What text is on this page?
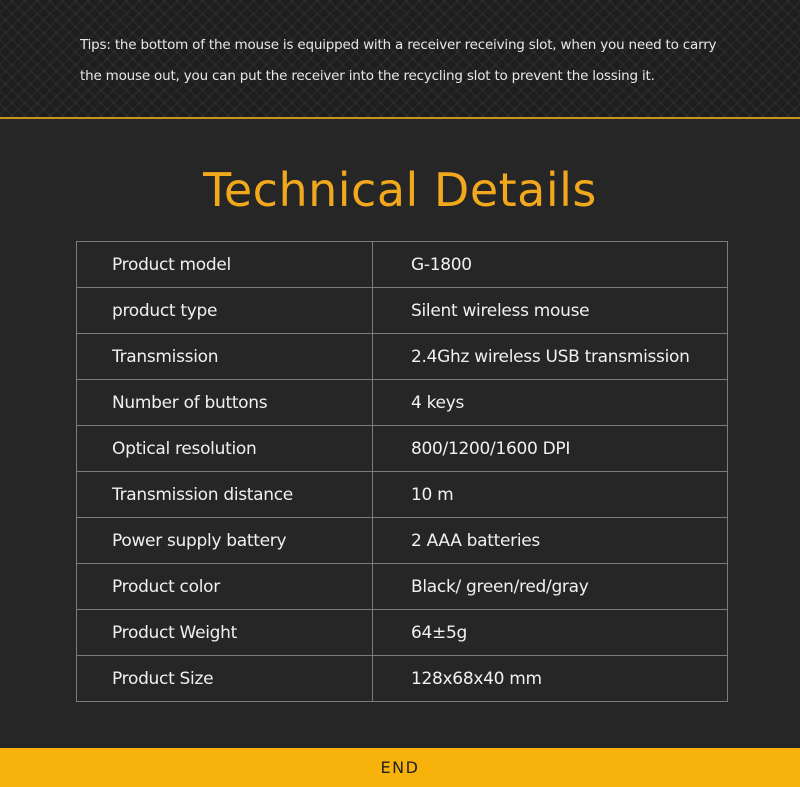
Tips: the bottom of the mouse is equipped with a receiver receiving slot, when you need to carry the mouse out, you can put the receiver into the recycling slot to prevent the lossing it.

Technical Details
Product model	G-1800
product type	Silent wireless mouse
Transmission	2.4Ghz wireless USB transmission
Number of buttons	4 keys
Optical resolution	800/1200/1600 DPI
Transmission distance	10 m
Power supply battery	2 AAA batteries
Product color	Black/ green/red/gray
Product Weight	64±5g
Product Size	128x68x40 mm
END
